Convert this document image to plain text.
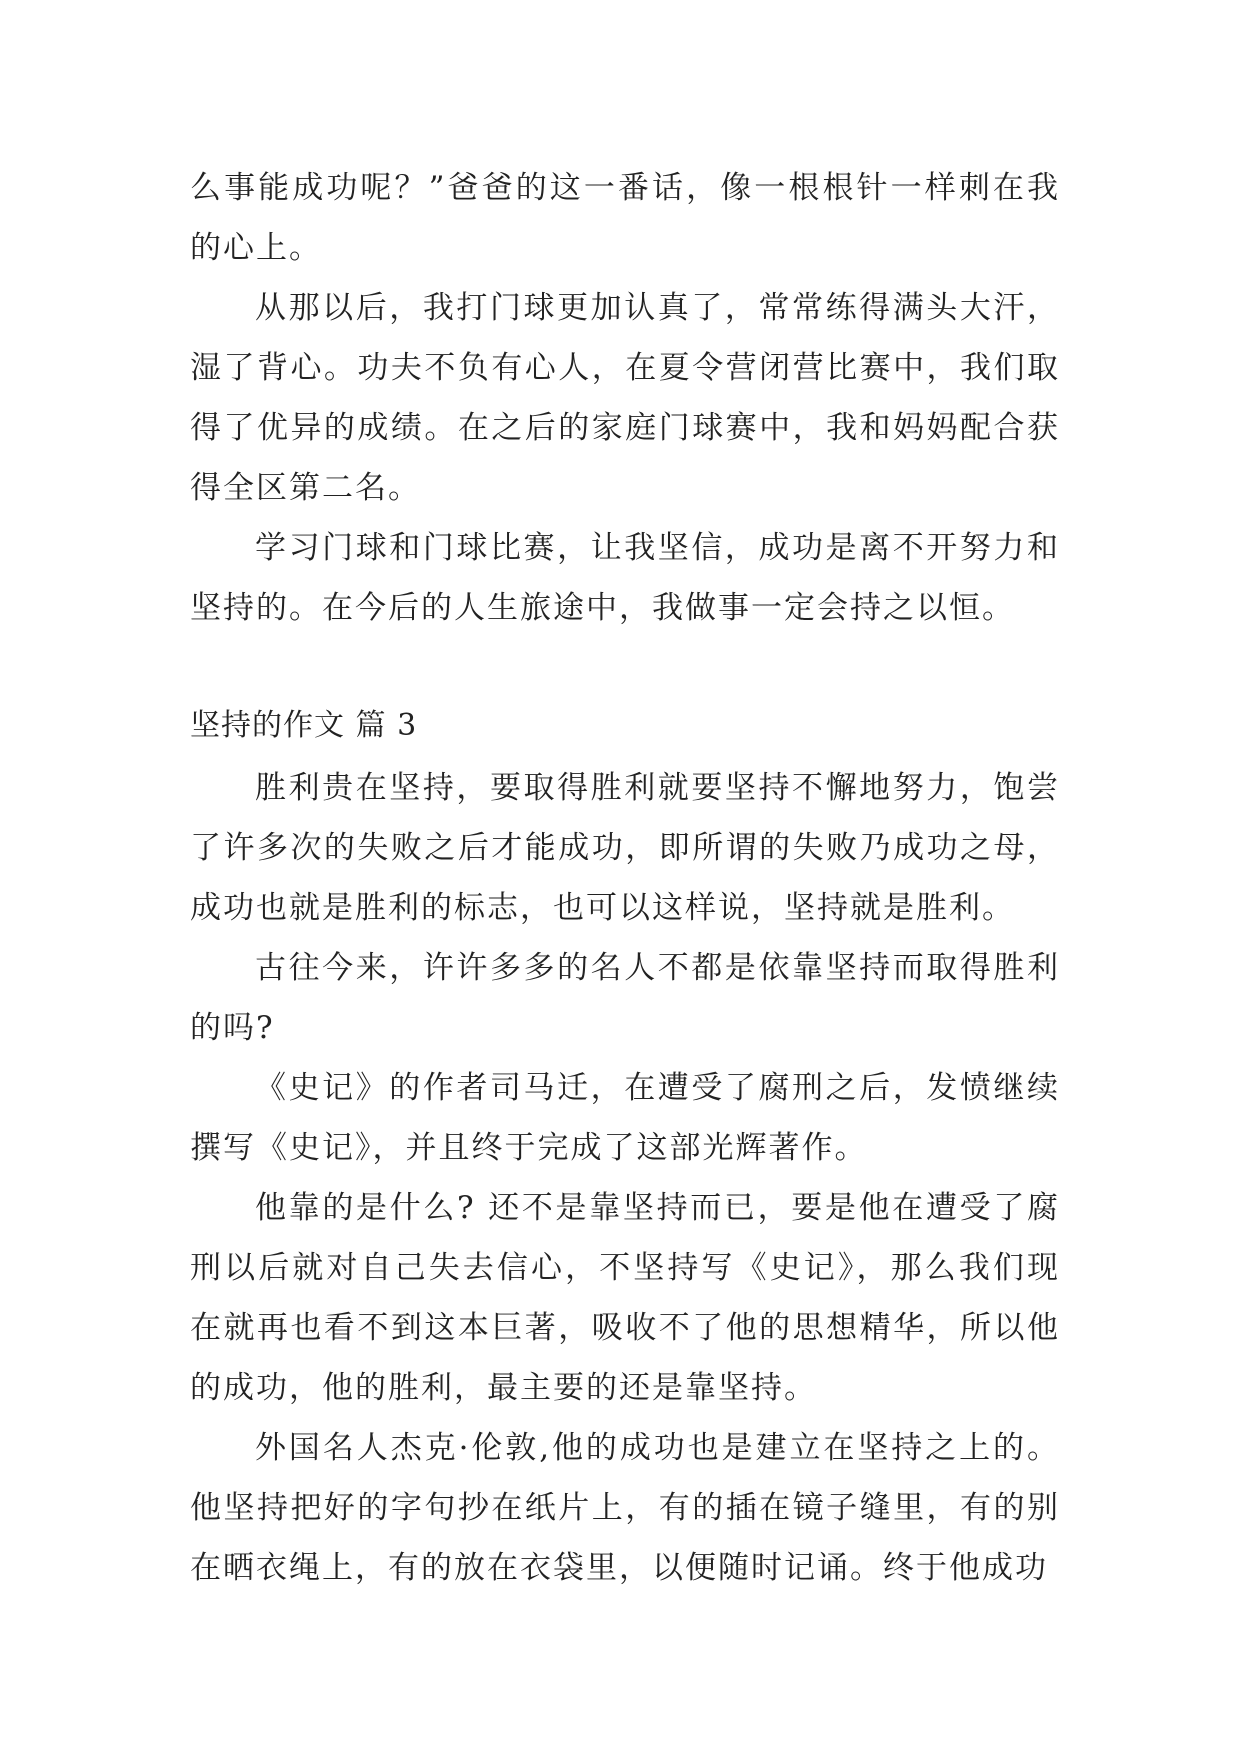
么事能成功呢？”爸爸的这一番话，像一根根针一样刺在我的心上。

从那以后，我打门球更加认真了，常常练得满头大汗，湿了背心。功夫不负有心人，在夏令营闭营比赛中，我们取得了优异的成绩。在之后的家庭门球赛中，我和妈妈配合获得全区第二名。

学习门球和门球比赛，让我坚信，成功是离不开努力和坚持的。在今后的人生旅途中，我做事一定会持之以恒。

坚持的作文 篇 3

胜利贵在坚持，要取得胜利就要坚持不懈地努力，饱尝了许多次的失败之后才能成功，即所谓的失败乃成功之母，成功也就是胜利的标志，也可以这样说，坚持就是胜利。

古往今来，许许多多的名人不都是依靠坚持而取得胜利的吗?

《史记》的作者司马迁，在遭受了腐刑之后，发愤继续撰写《史记》，并且终于完成了这部光辉著作。

他靠的是什么? 还不是靠坚持而已，要是他在遭受了腐刑以后就对自己失去信心，不坚持写《史记》，那么我们现在就再也看不到这本巨著，吸收不了他的思想精华，所以他的成功，他的胜利，最主要的还是靠坚持。

外国名人杰克·伦敦,他的成功也是建立在坚持之上的。他坚持把好的字句抄在纸片上，有的插在镜子缝里，有的别在晒衣绳上，有的放在衣袋里，以便随时记诵。终于他成功
